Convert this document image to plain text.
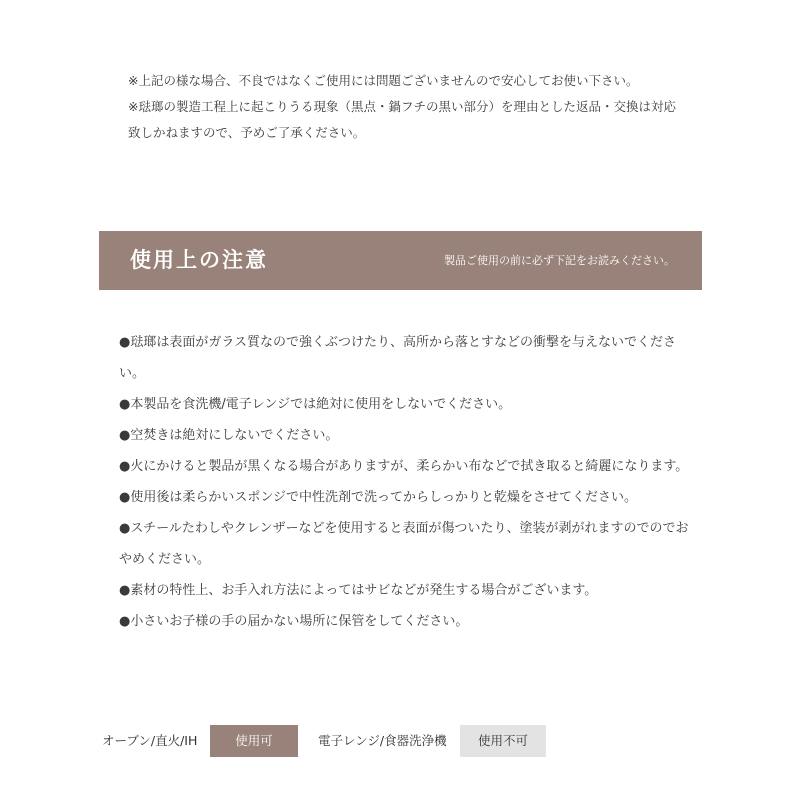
※上記の様な場合、不良ではなくご使用には問題ございませんので安心してお使い下さい。

※琺瑯の製造工程上に起こりうる現象（黒点・鍋フチの黒い部分）を理由とした返品・交換は対応致しかねますので、予めご了承ください。

使用上の注意	製品ご使用の前に必ず下記をお読みください。

●琺瑯は表面がガラス質なので強くぶつけたり、高所から落とすなどの衝撃を与えないでください。

●本製品を食洗機/電子レンジでは絶対に使用をしないでください。

●空焚きは絶対にしないでください。

●火にかけると製品が黒くなる場合がありますが、柔らかい布などで拭き取ると綺麗になります。

●使用後は柔らかいスポンジで中性洗剤で洗ってからしっかりと乾燥をさせてください。

●スチールたわしやクレンザーなどを使用すると表面が傷ついたり、塗装が剥がれますのでのでおやめください。

●素材の特性上、お手入れ方法によってはサビなどが発生する場合がございます。

●小さいお子様の手の届かない場所に保管をしてください。

オーブン/直火/IH	使用可	電子レンジ/食器洗浄機	使用不可
